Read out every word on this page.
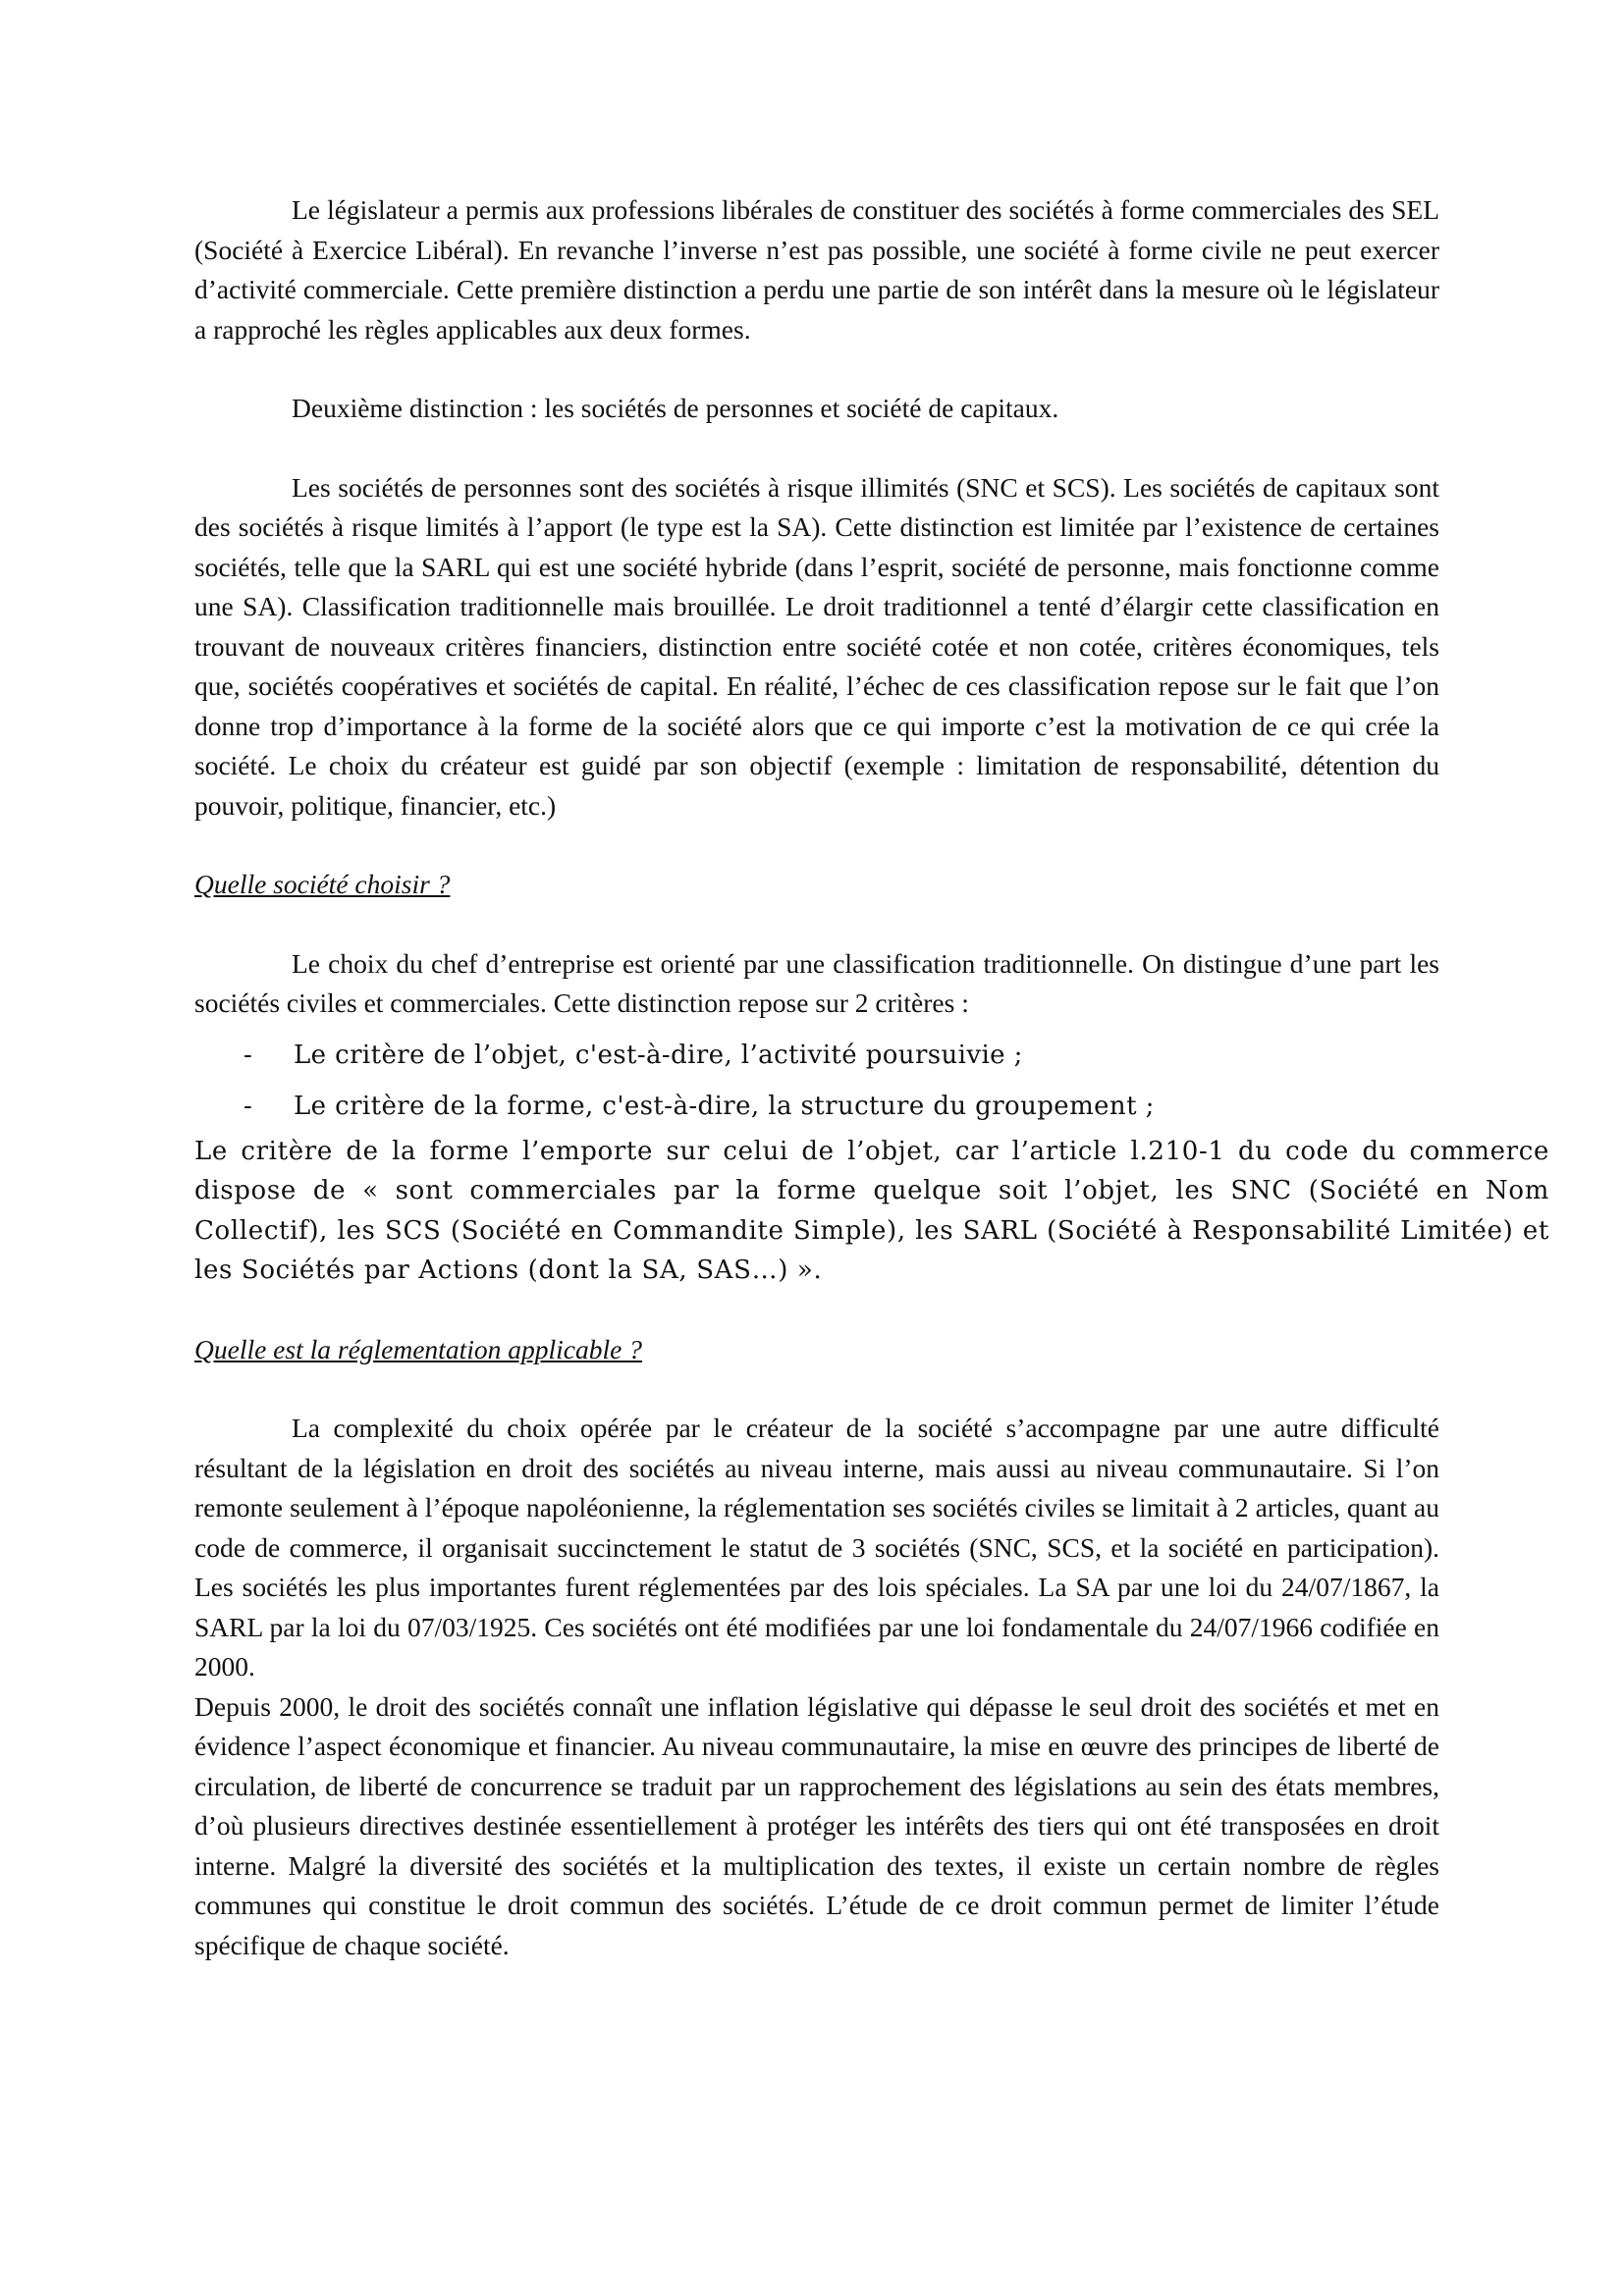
Le législateur a permis aux professions libérales de constituer des sociétés à forme commerciales des SEL (Société à Exercice Libéral). En revanche l’inverse n’est pas possible, une société à forme civile ne peut exercer d’activité commerciale. Cette première distinction a perdu une partie de son intérêt dans la mesure où le législateur a rapproché les règles applicables aux deux formes.

Deuxième distinction : les sociétés de personnes et société de capitaux.

Les sociétés de personnes sont des sociétés à risque illimités (SNC et SCS). Les sociétés de capitaux sont des sociétés à risque limités à l’apport (le type est la SA). Cette distinction est limitée par l’existence de certaines sociétés, telle que la SARL qui est une société hybride (dans l’esprit, société de personne, mais fonctionne comme une SA). Classification traditionnelle mais brouillée. Le droit traditionnel a tenté d’élargir cette classification en trouvant de nouveaux critères financiers, distinction entre société cotée et non cotée, critères économiques, tels que, sociétés coopératives et sociétés de capital. En réalité, l’échec de ces classification repose sur le fait que l’on donne trop d’importance à la forme de la société alors que ce qui importe c’est la motivation de ce qui crée la société. Le choix du créateur est guidé par son objectif (exemple : limitation de responsabilité, détention du pouvoir, politique, financier, etc.)

Quelle société choisir ?

Le choix du chef d’entreprise est orienté par une classification traditionnelle. On distingue d’une part les sociétés civiles et commerciales. Cette distinction repose sur 2 critères :

- Le critère de l’objet, c'est-à-dire, l’activité poursuivie ;
- Le critère de la forme, c'est-à-dire, la structure du groupement ;

Le critère de la forme l’emporte sur celui de l’objet, car l’article l.210-1 du code du commerce dispose de « sont commerciales par la forme quelque soit l’objet, les SNC (Société en Nom Collectif), les SCS (Société en Commandite Simple), les SARL (Société à Responsabilité Limitée) et les Sociétés par Actions (dont la SA, SAS…) ».

Quelle est la réglementation applicable ?

La complexité du choix opérée par le créateur de la société s’accompagne par une autre difficulté résultant de la législation en droit des sociétés au niveau interne, mais aussi au niveau communautaire. Si l’on remonte seulement à l’époque napoléonienne, la réglementation ses sociétés civiles se limitait à 2 articles, quant au code de commerce, il organisait succinctement le statut de 3 sociétés (SNC, SCS, et la société en participation). Les sociétés les plus importantes furent réglementées par des lois spéciales. La SA par une loi du 24/07/1867, la SARL par la loi du 07/03/1925. Ces sociétés ont été modifiées par une loi fondamentale du 24/07/1966 codifiée en 2000.

Depuis 2000, le droit des sociétés connaît une inflation législative qui dépasse le seul droit des sociétés et met en évidence l’aspect économique et financier. Au niveau communautaire, la mise en œuvre des principes de liberté de circulation, de liberté de concurrence se traduit par un rapprochement des législations au sein des états membres, d’où plusieurs directives destinée essentiellement à protéger les intérêts des tiers qui ont été transposées en droit interne. Malgré la diversité des sociétés et la multiplication des textes, il existe un certain nombre de règles communes qui constitue le droit commun des sociétés. L’étude de ce droit commun permet de limiter l’étude spécifique de chaque société.
